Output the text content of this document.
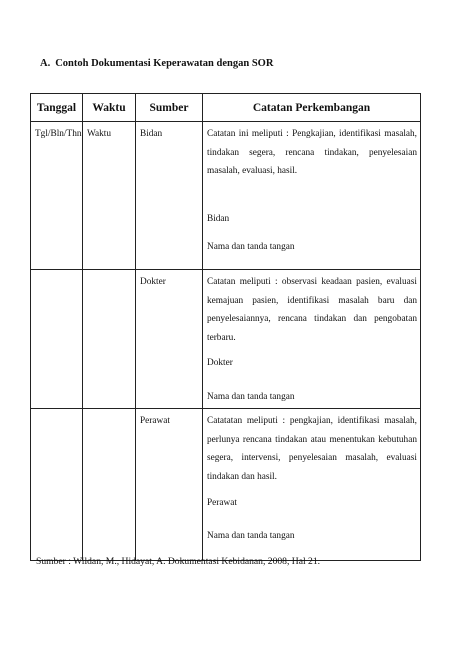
A. Contoh Dokumentasi Keperawatan dengan SOR
Tanggal	Waktu	Sumber	Catatan Perkembangan
Tgl/Bln/Thn	Waktu	Bidan	Catatan ini meliputi : Pengkajian, identifikasi masalah, tindakan segera, rencana tindakan, penyelesaian masalah, evaluasi, hasil.
Bidan
Nama dan tanda tangan

		Dokter	Catatan meliputi : observasi keadaan pasien, evaluasi kemajuan pasien, identifikasi masalah baru dan penyelesaiannya, rencana tindakan dan pengobatan terbaru.
Dokter
Nama dan tanda tangan

		Perawat	Catatatan meliputi : pengkajian, identifikasi masalah, perlunya rencana tindakan atau menentukan kebutuhan segera, intervensi, penyelesaian masalah, evaluasi tindakan dan hasil.
Perawat
Nama dan tanda tangan
Sumber : Wildan, M., Hidayat, A. Dokumentasi Kebidanan, 2008, Hal 21.
